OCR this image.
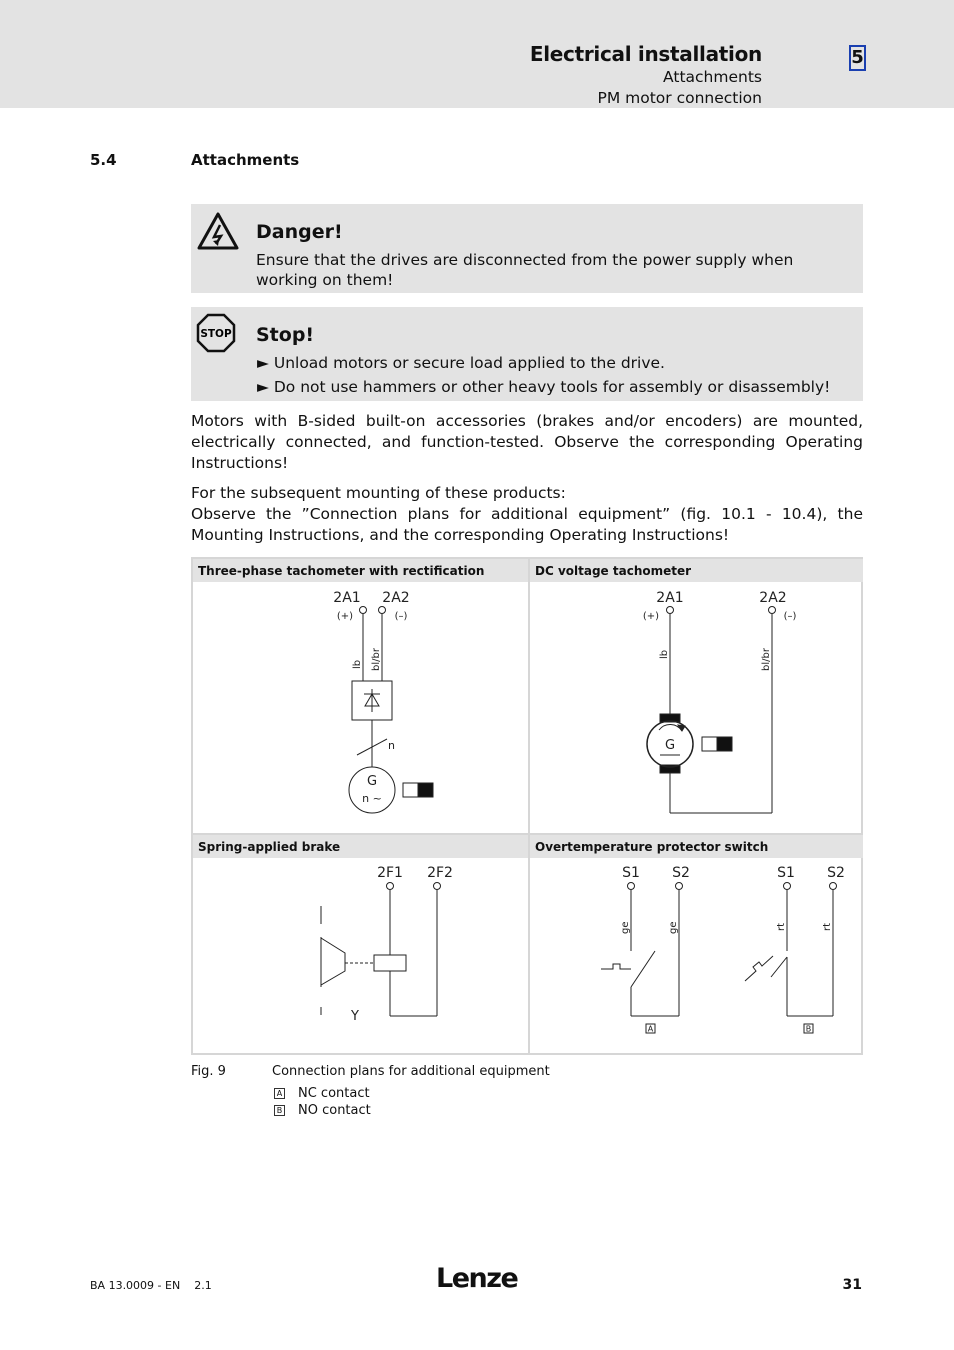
Electrical installation
Attachments
PM motor connection
5
5.4	Attachments
Danger!
Ensure that the drives are disconnected from the power supply when working on them!
STOP Stop!
► Unload motors or secure load applied to the drive.
► Do not use hammers or other heavy tools for assembly or disassembly!
Motors with B-sided built-on accessories (brakes and/or encoders) are mounted, electrically connected, and function-tested. Observe the corresponding Operating Instructions!
For the subsequent mounting of these products:
Observe the ”Connection plans for additional equipment” (fig. 10.1 - 10.4), the Mounting Instructions, and the corresponding Operating Instructions!
Three-phase tachometer with rectification	DC voltage tachometer
Spring-applied brake	Overtemperature protector switch
2A1 2A2
(+)	(–)
lb bl/br
n
G
n ~
2A1	2A2
(+)	(–)
lb	bl/br
G
2F1 2F2
Y
S1 S2
ge	ge
A
S1 S2
rt	rt
B
Fig. 9	Connection plans for additional equipment
A NC contact
B NO contact
BA 13.0009 - EN 2.1	Lenze	31
